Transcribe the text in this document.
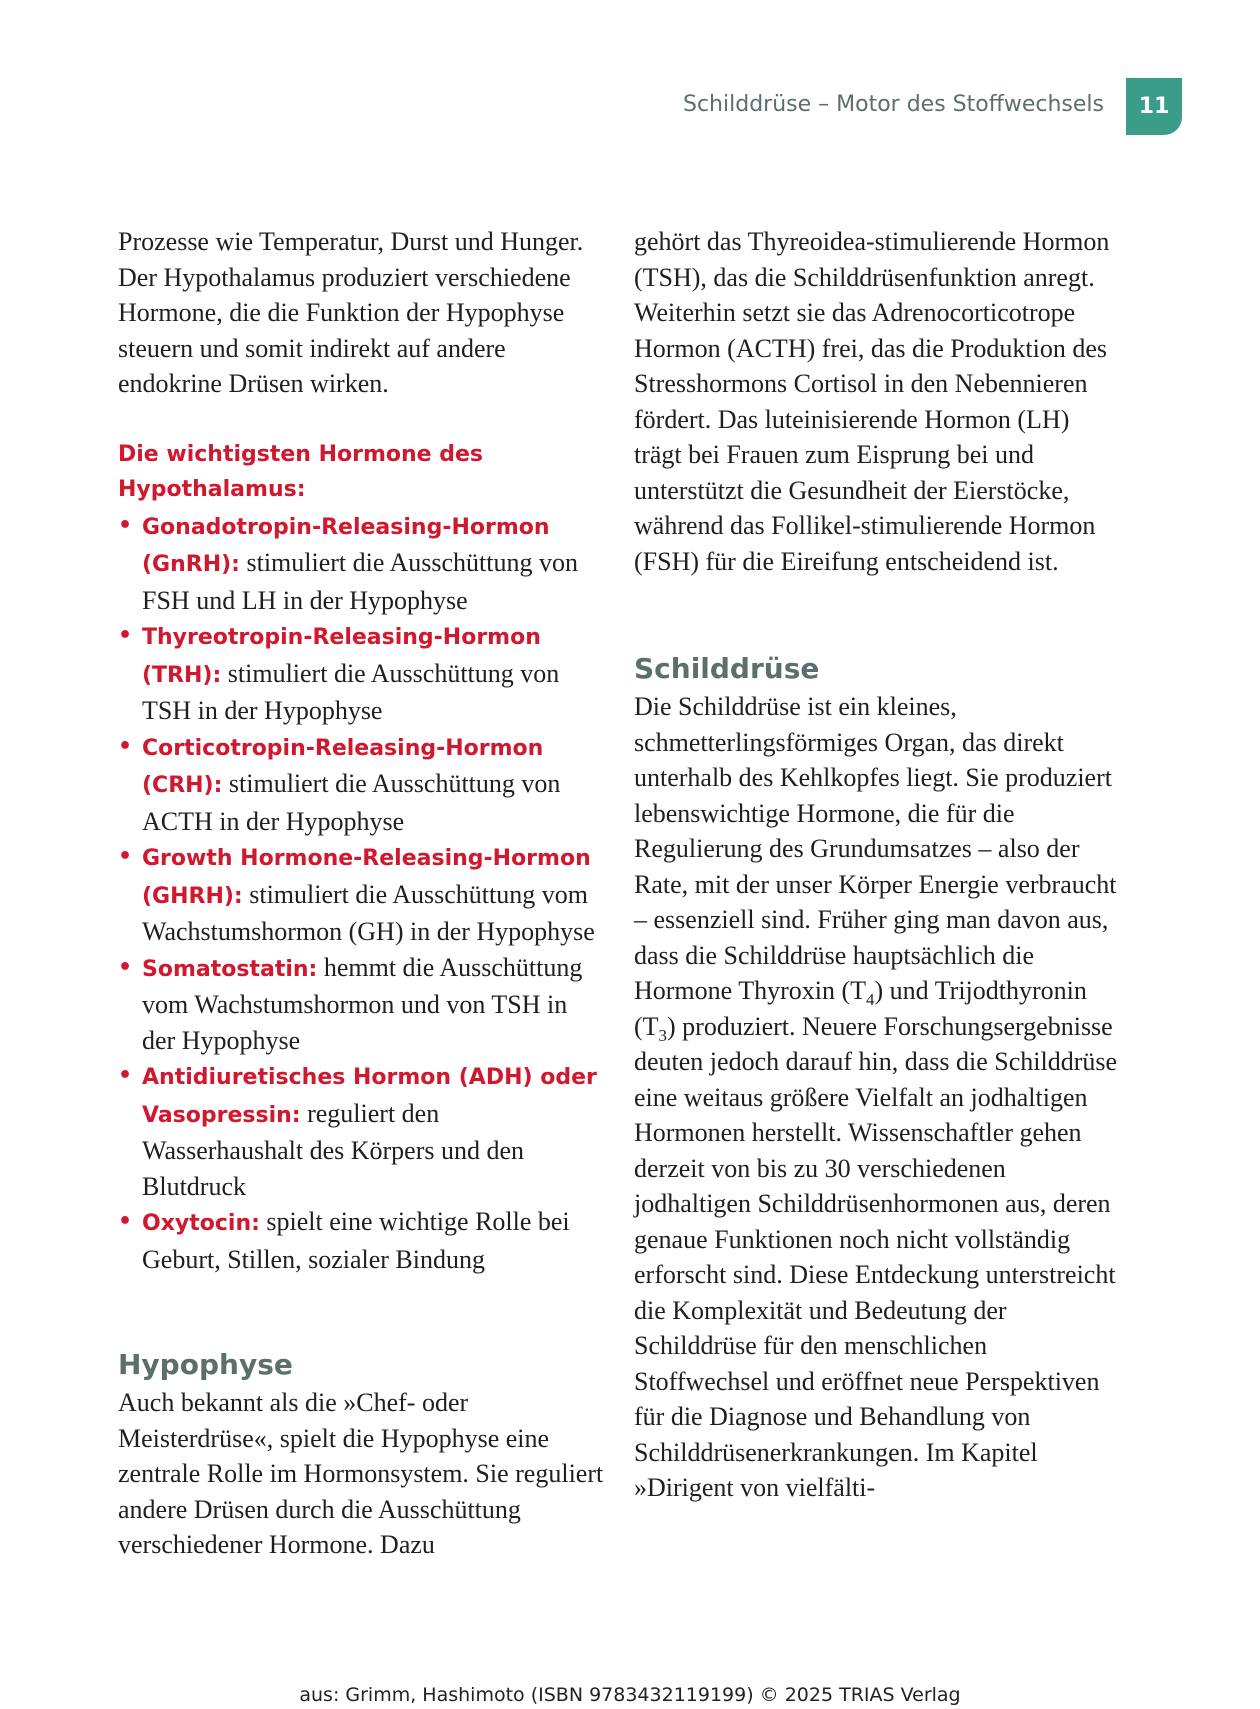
Schilddrüse – Motor des Stoffwechsels	11

Prozesse wie Temperatur, Durst und Hunger. Der Hypothalamus produziert verschiedene Hormone, die die Funktion der Hypophyse steuern und somit indirekt auf andere endokrine Drüsen wirken.

Die wichtigsten Hormone des Hypothalamus:

• Gonadotropin-Releasing-Hormon (GnRH): stimuliert die Ausschüttung von FSH und LH in der Hypophyse
• Thyreotropin-Releasing-Hormon (TRH): stimuliert die Ausschüttung von TSH in der Hypophyse
• Corticotropin-Releasing-Hormon (CRH): stimuliert die Ausschüttung von ACTH in der Hypophyse
• Growth Hormone-Releasing-Hormon (GHRH): stimuliert die Ausschüttung vom Wachstumshormon (GH) in der Hypophyse
• Somatostatin: hemmt die Ausschüttung vom Wachstumshormon und von TSH in der Hypophyse
• Antidiuretisches Hormon (ADH) oder Vasopressin: reguliert den Wasserhaushalt des Körpers und den Blutdruck
• Oxytocin: spielt eine wichtige Rolle bei Geburt, Stillen, sozialer Bindung
Hypophyse

Auch bekannt als die »Chef- oder Meisterdrüse«, spielt die Hypophyse eine zentrale Rolle im Hormonsystem. Sie reguliert andere Drüsen durch die Ausschüttung verschiedener Hormone. Dazu

gehört das Thyreoidea-stimulierende Hormon (TSH), das die Schilddrüsenfunktion anregt. Weiterhin setzt sie das Adrenocorticotrope Hormon (ACTH) frei, das die Produktion des Stresshormons Cortisol in den Nebennieren fördert. Das luteinisierende Hormon (LH) trägt bei Frauen zum Eisprung bei und unterstützt die Gesundheit der Eierstöcke, während das Follikel-stimulierende Hormon (FSH) für die Eireifung entscheidend ist.

Schilddrüse

Die Schilddrüse ist ein kleines, schmetterlingsförmiges Organ, das direkt unterhalb des Kehlkopfes liegt. Sie produziert lebenswichtige Hormone, die für die Regulierung des Grundumsatzes – also der Rate, mit der unser Körper Energie verbraucht – essenziell sind. Früher ging man davon aus, dass die Schilddrüse hauptsächlich die Hormone Thyroxin $(T_4)$ und Trijodthyronin $(T_3)$ produziert. Neuere Forschungsergebnisse deuten jedoch darauf hin, dass die Schilddrüse eine weitaus größere Vielfalt an jodhaltigen Hormonen herstellt. Wissenschaftler gehen derzeit von bis zu 30 verschiedenen jodhaltigen Schilddrüsenhormonen aus, deren genaue Funktionen noch nicht vollständig erforscht sind. Diese Entdeckung unterstreicht die Komplexität und Bedeutung der Schilddrüse für den menschlichen Stoffwechsel und eröffnet neue Perspektiven für die Diagnose und Behandlung von Schilddrüsenerkrankungen. Im Kapitel »Dirigent von vielfälti-

aus: Grimm, Hashimoto (ISBN 9783432119199) © 2025 TRIAS Verlag
